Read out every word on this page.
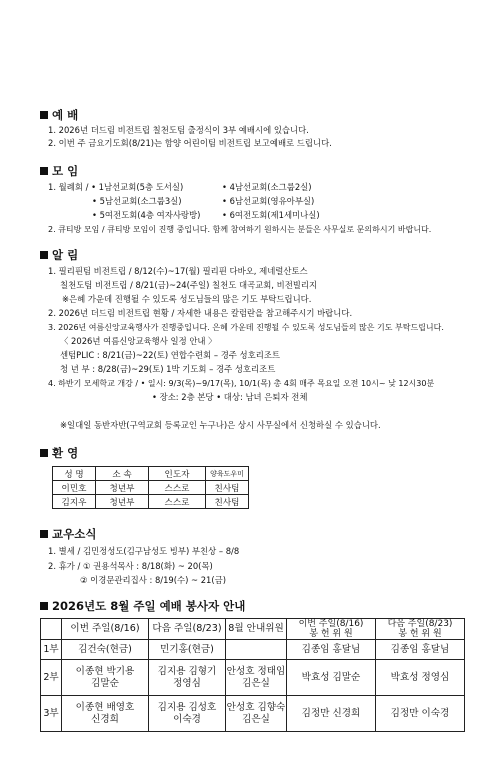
예 배
1. 2026년 더드림 비전트립 칠천도팀 출정식이 3부 예배시에 있습니다.
2. 이번 주 금요기도회(8/21)는 함양 어린이팀 비전트립 보고예배로 드립니다.
모 임
1. 월례회 / • 1남선교회(5층 도서실)	• 4남선교회(소그룹2실)
• 5남선교회(소그룹3실)	• 6남선교회(영유아부실)
• 5여전도회(4층 여자사랑방)	• 6여전도회(제1세미나실)
2. 큐티방 모임 / 큐티방 모임이 진행 중입니다. 함께 참여하기 원하시는 분들은 사무실로 문의하시기 바랍니다.
알 림
1. 필리핀팀 비전트립 / 8/12(수)~17(월) 필리핀 다바오, 제네럴산토스
칠천도팀 비전트립 / 8/21(금)~24(주일) 칠천도 대곡교회, 비전빌리지
※은혜 가운데 진행될 수 있도록 성도님들의 많은 기도 부탁드립니다.
2. 2026년 더드림 비전트립 현황 / 자세한 내용은 칼럼란을 참고해주시기 바랍니다.
3. 2026년 여름신앙교육행사가 진행중입니다. 은혜 가운데 진행될 수 있도록 성도님들의 많은 기도 부탁드립니다.
〈 2026년 여름신앙교육행사 일정 안내 〉
센텀PLIC : 8/21(금)~22(토) 연합수련회 – 경주 성호리조트
청 년 부 : 8/28(금)~29(토) 1박 기도회 – 경주 성호리조트
4. 하반기 모세학교 개강 / • 일시: 9/3(목)~9/17(목), 10/1(목) 총 4회 매주 목요일 오전 10시~ 낮 12시30분
• 장소: 2층 본당 • 대상: 남녀 은퇴자 전체
※일대일 동반자반(구역교회 등록교인 누구나)은 상시 사무실에서 신청하실 수 있습니다.
환 영
성 명	소 속	인도자	양육도우미
이민호	청년부	스스로	친사팀
김지우	청년부	스스로	친사팀
교우소식
1. 별세 / 김민정성도(김구남성도 빙부) 부친상 – 8/8
2. 휴가 / ① 권용석목사 : 8/18(화) ~ 20(목)
② 이경문관리집사 : 8/19(수) ~ 21(금)
2026년도 8월 주일 예배 봉사자 안내
	이번 주일(8/16)	다음 주일(8/23)	8월 안내위원	이번 주일(8/16)
봉 헌 위 원	다음 주일(8/23)
봉 헌 위 원
1부	김건숙(현금)	민기홍(현금)		김종임 홍달님	김종임 홍달님
2부	이종현 박기용
김말순	김지용 김형기
정영심	안성호 정태임
김은실	박효성 김말순	박효성 정영심
3부	이종현 배영호
신경희	김지용 김성호
이숙경	안성호 김향숙
김은실	김정만 신경희	김정만 이숙경
